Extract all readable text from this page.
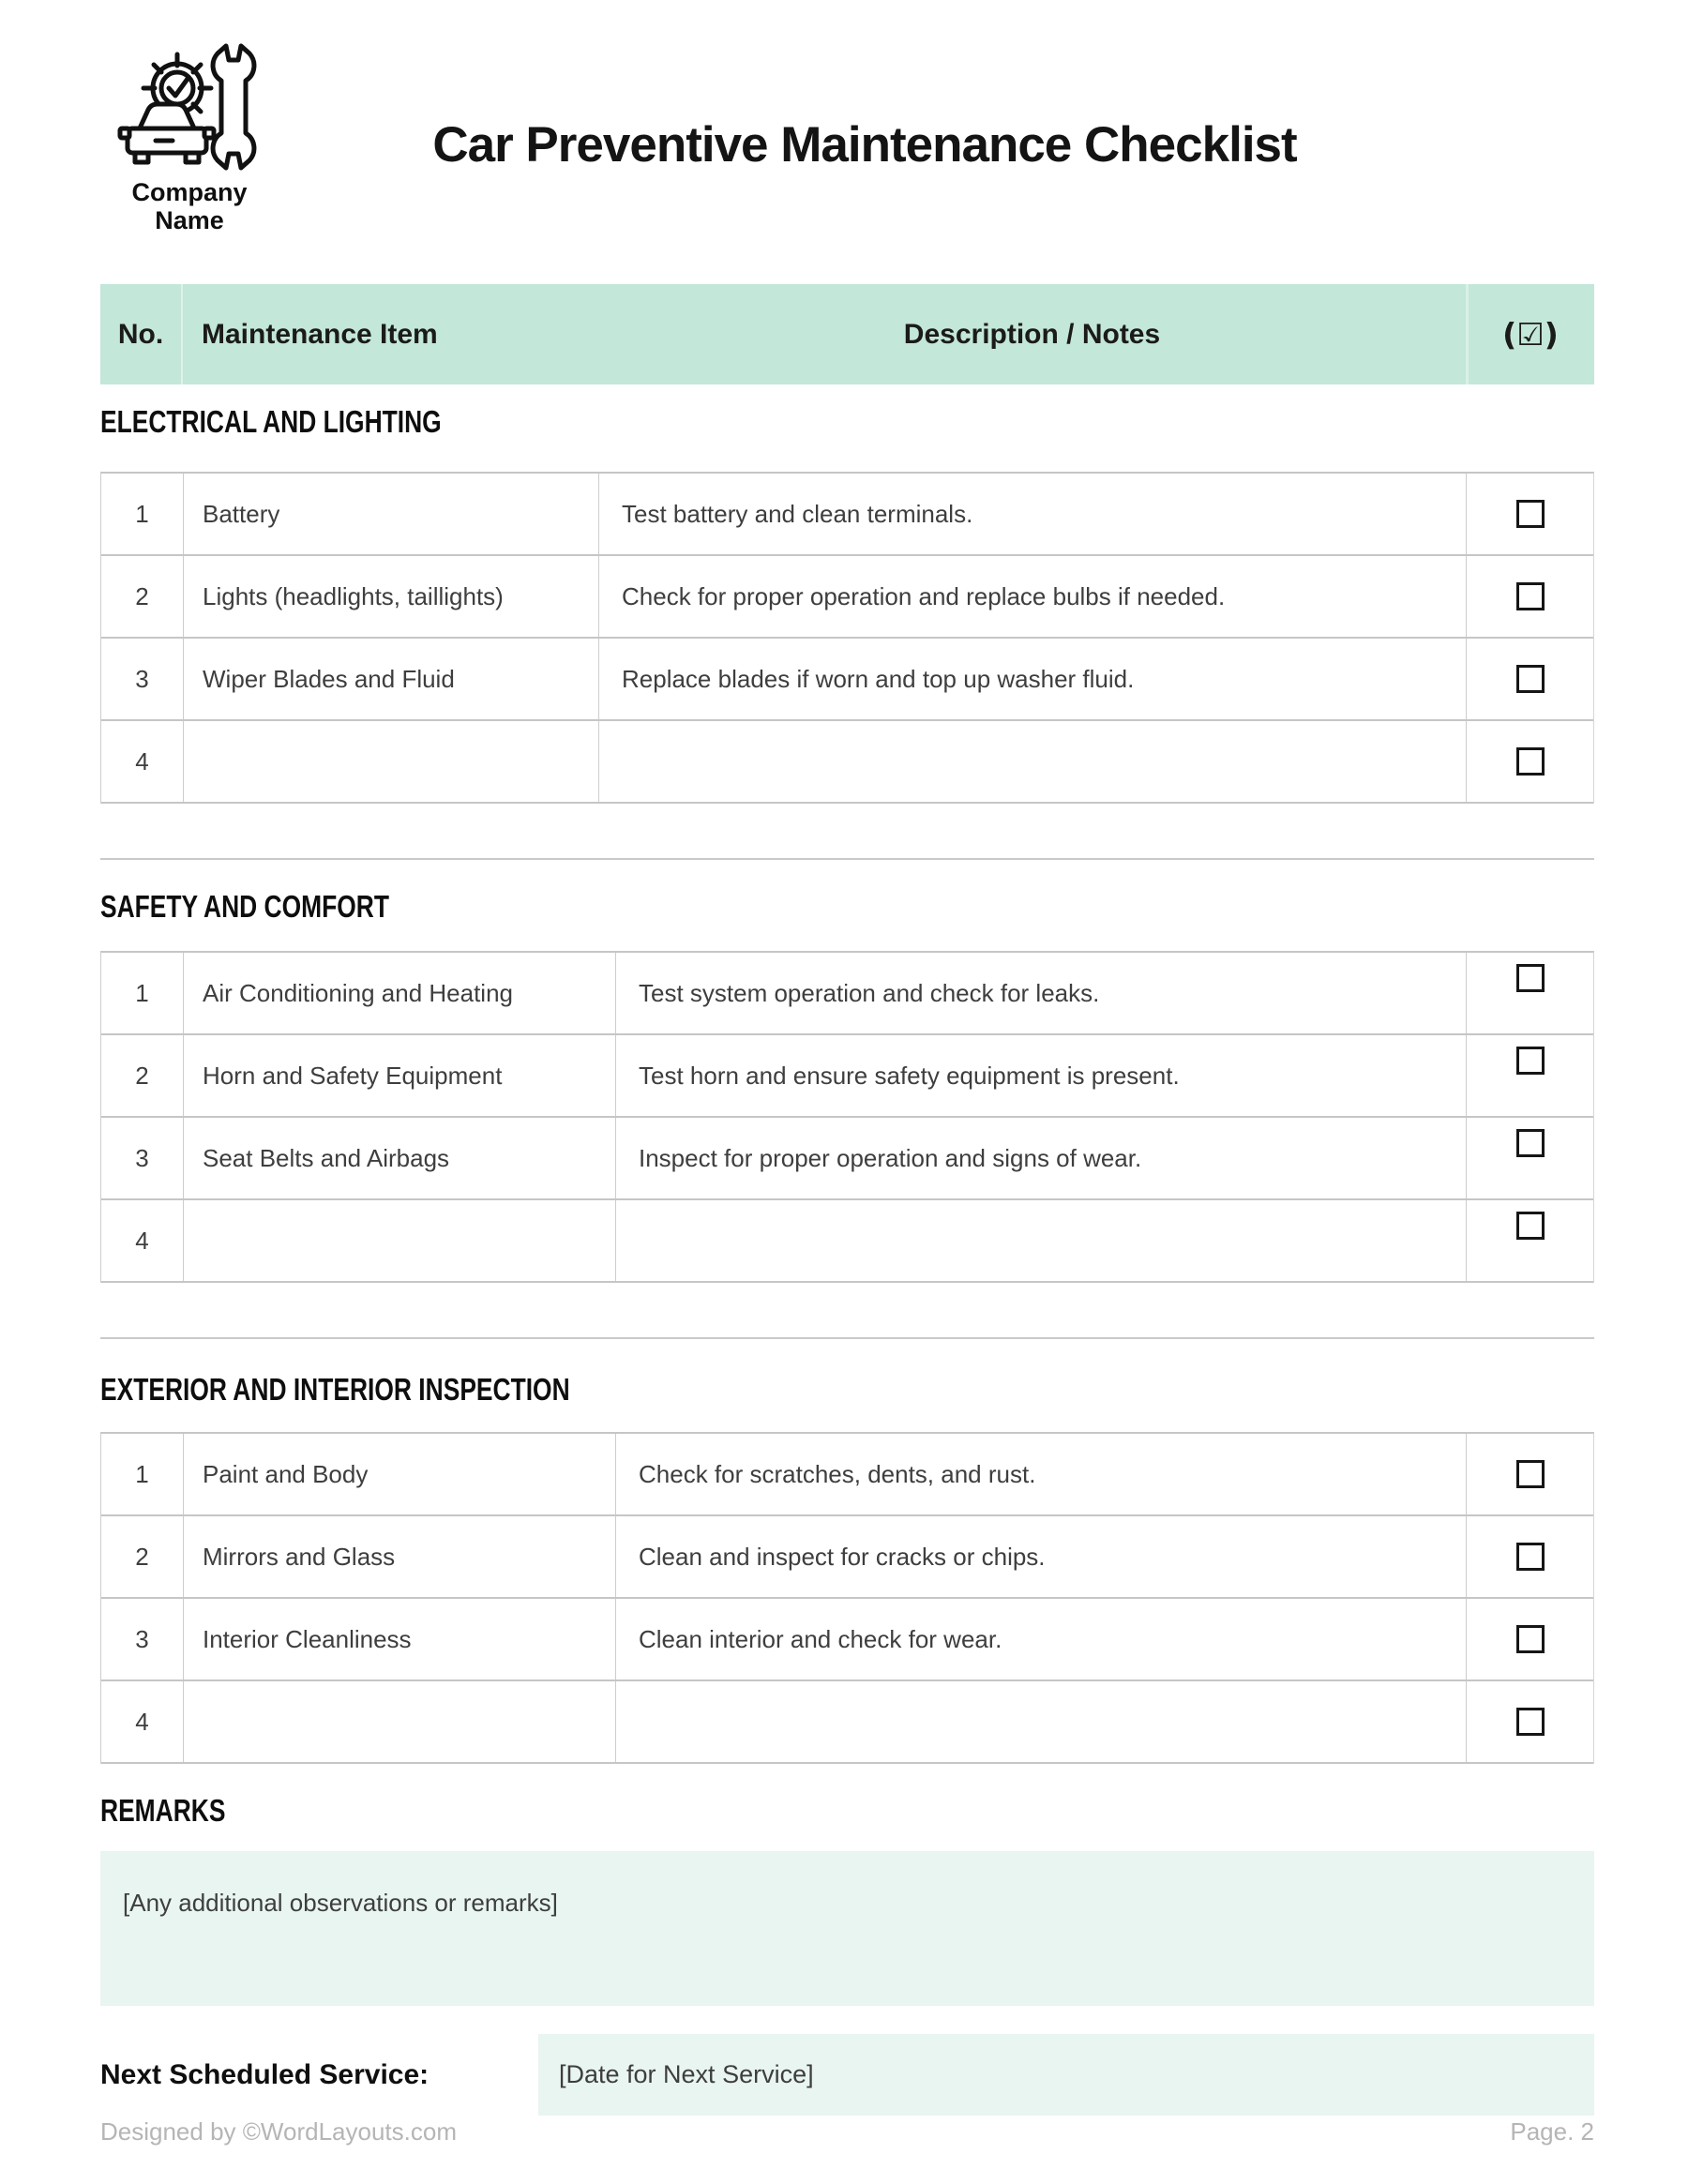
Company Name
Car Preventive Maintenance Checklist
No.	Maintenance Item	Description / Notes	(☑)
ELECTRICAL AND LIGHTING
1	Battery	Test battery and clean terminals.
2	Lights (headlights, taillights)	Check for proper operation and replace bulbs if needed.
3	Wiper Blades and Fluid	Replace blades if worn and top up washer fluid.
4
SAFETY AND COMFORT
1	Air Conditioning and Heating	Test system operation and check for leaks.
2	Horn and Safety Equipment	Test horn and ensure safety equipment is present.
3	Seat Belts and Airbags	Inspect for proper operation and signs of wear.
4
EXTERIOR AND INTERIOR INSPECTION
1	Paint and Body	Check for scratches, dents, and rust.
2	Mirrors and Glass	Clean and inspect for cracks or chips.
3	Interior Cleanliness	Clean interior and check for wear.
4
REMARKS
[Any additional observations or remarks]
Next Scheduled Service:	[Date for Next Service]
Designed by ©WordLayouts.com	Page. 2
